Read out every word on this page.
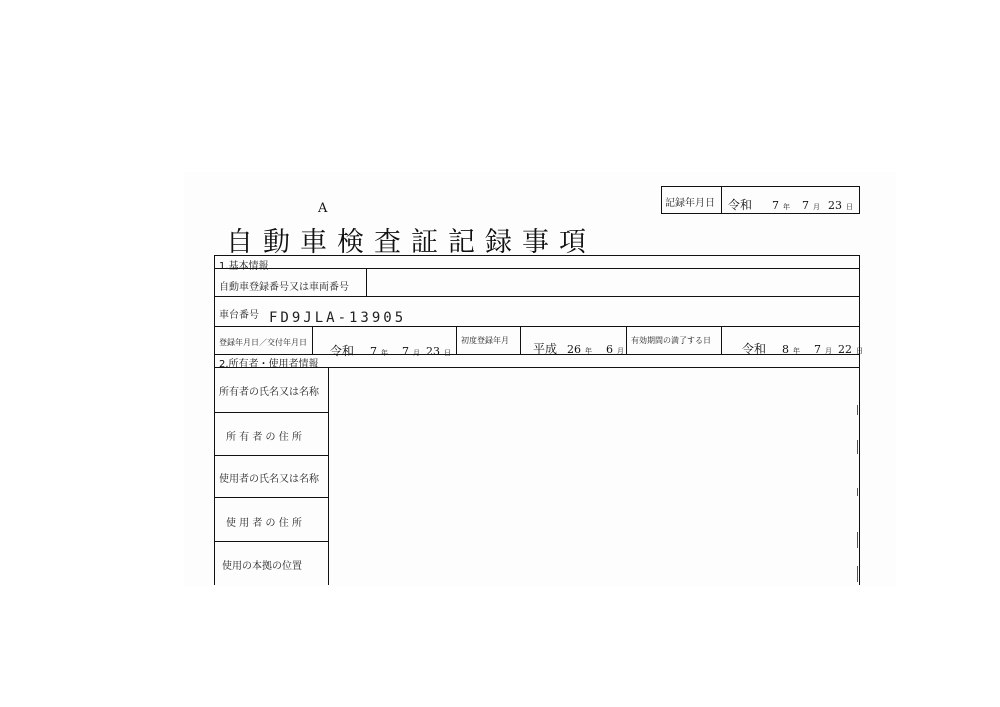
A
自動車検査証記録事項
記録年月日 令和 7 年 7 月 23 日
1.基本情報
自動車登録番号又は車両番号
車台番号 FD9JLA-13905
登録年月日／交付年月日
令和 7 年 7 月 23 日
初度登録年月
平成 26 年 6 月
有効期間の満了する日
令和 8 年 7 月 22 日
2.所有者・使用者情報
所有者の氏名又は名称
所 有 者 の 住 所
使用者の氏名又は名称
使 用 者 の 住 所
使用の本拠の位置
